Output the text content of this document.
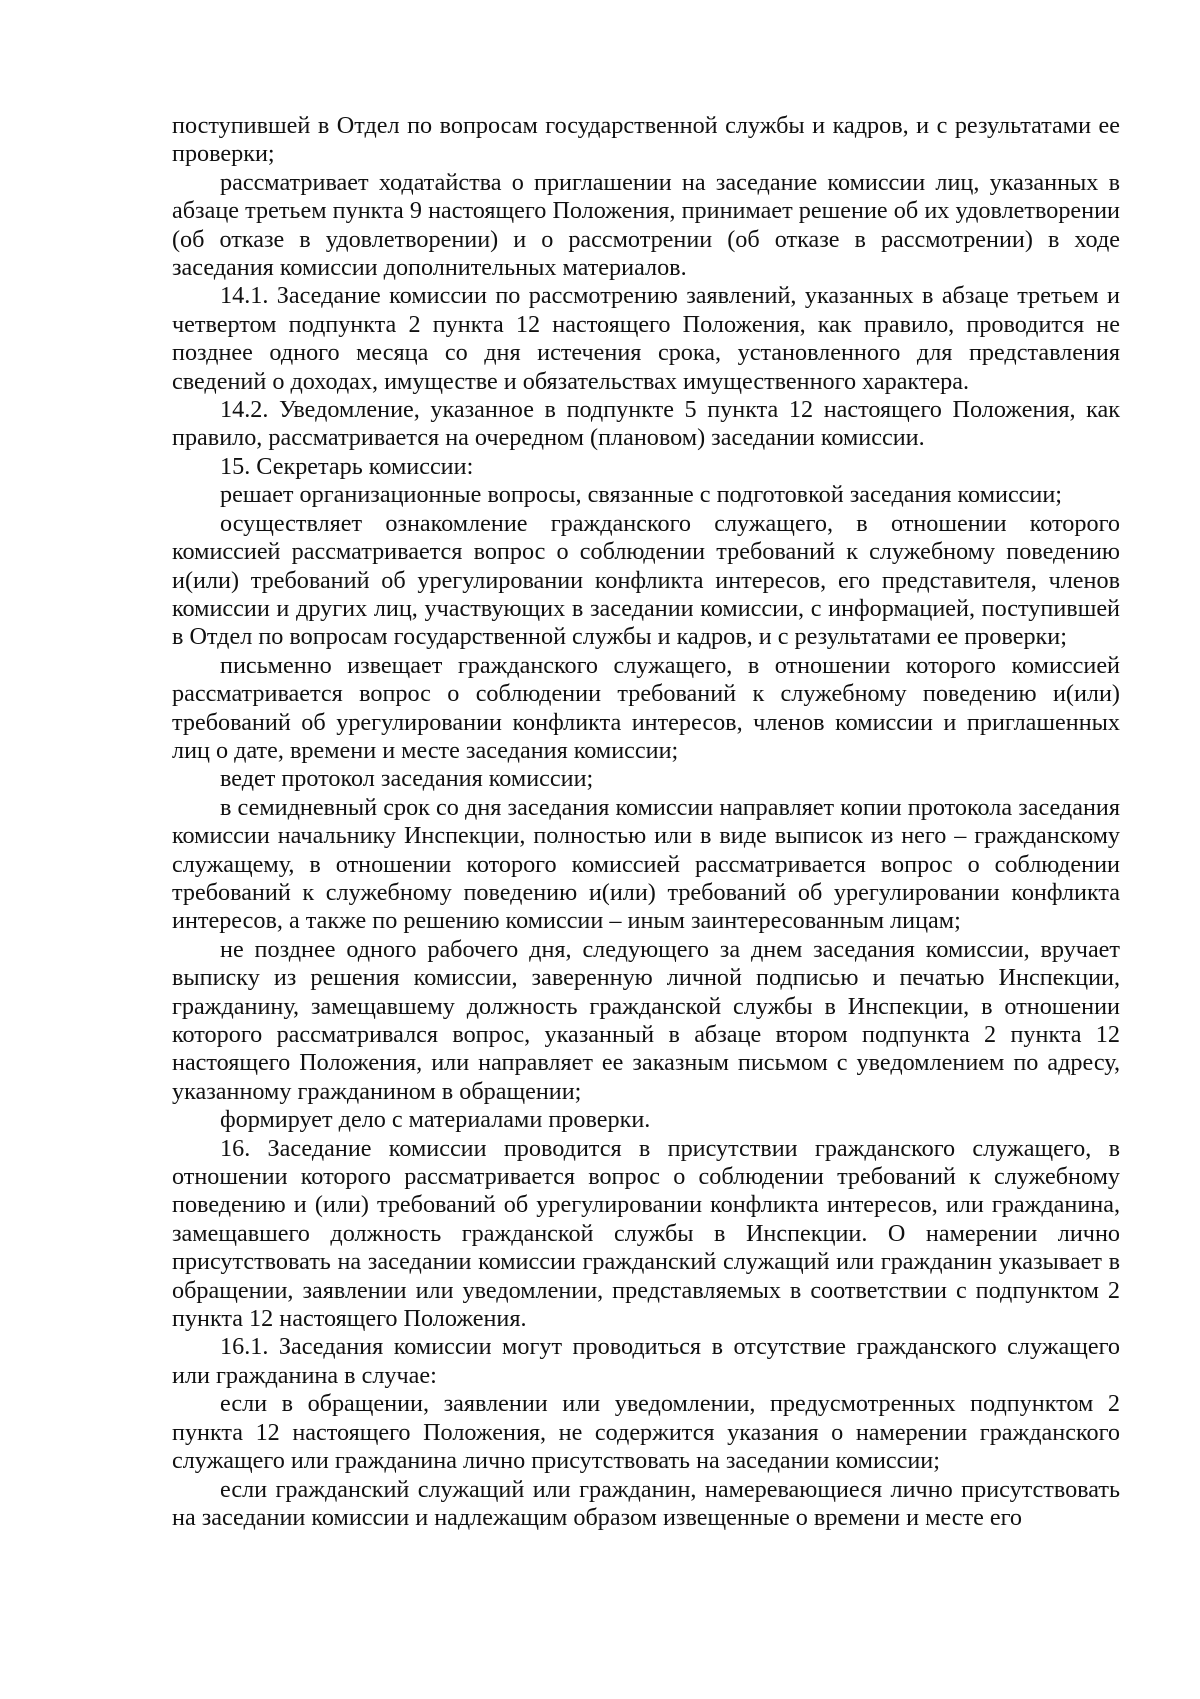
поступившей в Отдел по вопросам государственной службы и кадров, и с результатами ее проверки;

рассматривает ходатайства о приглашении на заседание комиссии лиц, указанных в абзаце третьем пункта 9 настоящего Положения, принимает решение об их удовлетворении (об отказе в удовлетворении) и о рассмотрении (об отказе в рассмотрении) в ходе заседания комиссии дополнительных материалов.

14.1. Заседание комиссии по рассмотрению заявлений, указанных в абзаце третьем и четвертом подпункта 2 пункта 12 настоящего Положения, как правило, проводится не позднее одного месяца со дня истечения срока, установленного для представления сведений о доходах, имуществе и обязательствах имущественного характера.

14.2. Уведомление, указанное в подпункте 5 пункта 12 настоящего Положения, как правило, рассматривается на очередном (плановом) заседании комиссии.

15. Секретарь комиссии:

решает организационные вопросы, связанные с подготовкой заседания комиссии;

осуществляет ознакомление гражданского служащего, в отношении которого комиссией рассматривается вопрос о соблюдении требований к служебному поведению и(или) требований об урегулировании конфликта интересов, его представителя, членов комиссии и других лиц, участвующих в заседании комиссии, с информацией, поступившей в Отдел по вопросам государственной службы и кадров, и с результатами ее проверки;

письменно извещает гражданского служащего, в отношении которого комиссией рассматривается вопрос о соблюдении требований к служебному поведению и(или) требований об урегулировании конфликта интересов, членов комиссии и приглашенных лиц о дате, времени и месте заседания комиссии;

ведет протокол заседания комиссии;

в семидневный срок со дня заседания комиссии направляет копии протокола заседания комиссии начальнику Инспекции, полностью или в виде выписок из него – гражданскому служащему, в отношении которого комиссией рассматривается вопрос о соблюдении требований к служебному поведению и(или) требований об урегулировании конфликта интересов, а также по решению комиссии – иным заинтересованным лицам;

не позднее одного рабочего дня, следующего за днем заседания комиссии, вручает выписку из решения комиссии, заверенную личной подписью и печатью Инспекции, гражданину, замещавшему должность гражданской службы в Инспекции, в отношении которого рассматривался вопрос, указанный в абзаце втором подпункта 2 пункта 12 настоящего Положения, или направляет ее заказным письмом с уведомлением по адресу, указанному гражданином в обращении;

формирует дело с материалами проверки.

16. Заседание комиссии проводится в присутствии гражданского служащего, в отношении которого рассматривается вопрос о соблюдении требований к служебному поведению и (или) требований об урегулировании конфликта интересов, или гражданина, замещавшего должность гражданской службы в Инспекции. О намерении лично присутствовать на заседании комиссии гражданский служащий или гражданин указывает в обращении, заявлении или уведомлении, представляемых в соответствии с подпунктом 2 пункта 12 настоящего Положения.

16.1. Заседания комиссии могут проводиться в отсутствие гражданского служащего или гражданина в случае:

если в обращении, заявлении или уведомлении, предусмотренных подпунктом 2 пункта 12 настоящего Положения, не содержится указания о намерении гражданского служащего или гражданина лично присутствовать на заседании комиссии;

если гражданский служащий или гражданин, намеревающиеся лично присутствовать на заседании комиссии и надлежащим образом извещенные о времени и месте его
